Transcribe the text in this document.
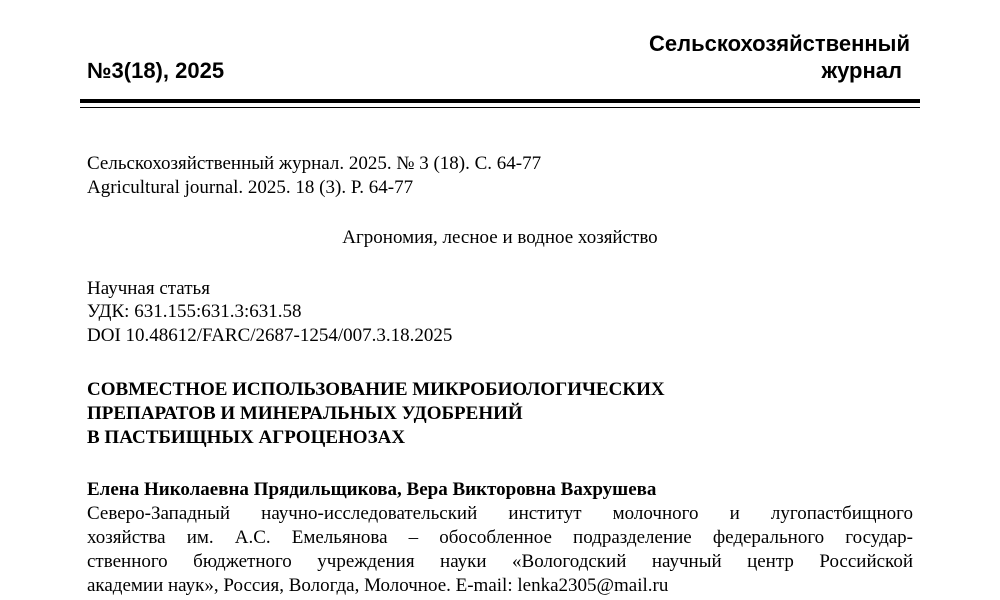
№3(18), 2025
Сельскохозяйственный
журнал
Сельскохозяйственный журнал. 2025. № 3 (18). С. 64-77
Agricultural journal. 2025. 18 (3). P. 64-77
Агрономия, лесное и водное хозяйство
Научная статья
УДК: 631.155:631.3:631.58
DOI 10.48612/FARC/2687-1254/007.3.18.2025
СОВМЕСТНОЕ ИСПОЛЬЗОВАНИЕ МИКРОБИОЛОГИЧЕСКИХ
ПРЕПАРАТОВ И МИНЕРАЛЬНЫХ УДОБРЕНИЙ
В ПАСТБИЩНЫХ АГРОЦЕНОЗАХ
Елена Николаевна Прядильщикова, Вера Викторовна Вахрушева
Северо-Западный научно-исследовательский институт молочного и лугопастбищного
хозяйства им. А.С. Емельянова – обособленное подразделение федерального государ-
ственного бюджетного учреждения науки «Вологодский научный центр Российской
академии наук», Россия, Вологда, Молочное. E-mail: lenka2305@mail.ru
